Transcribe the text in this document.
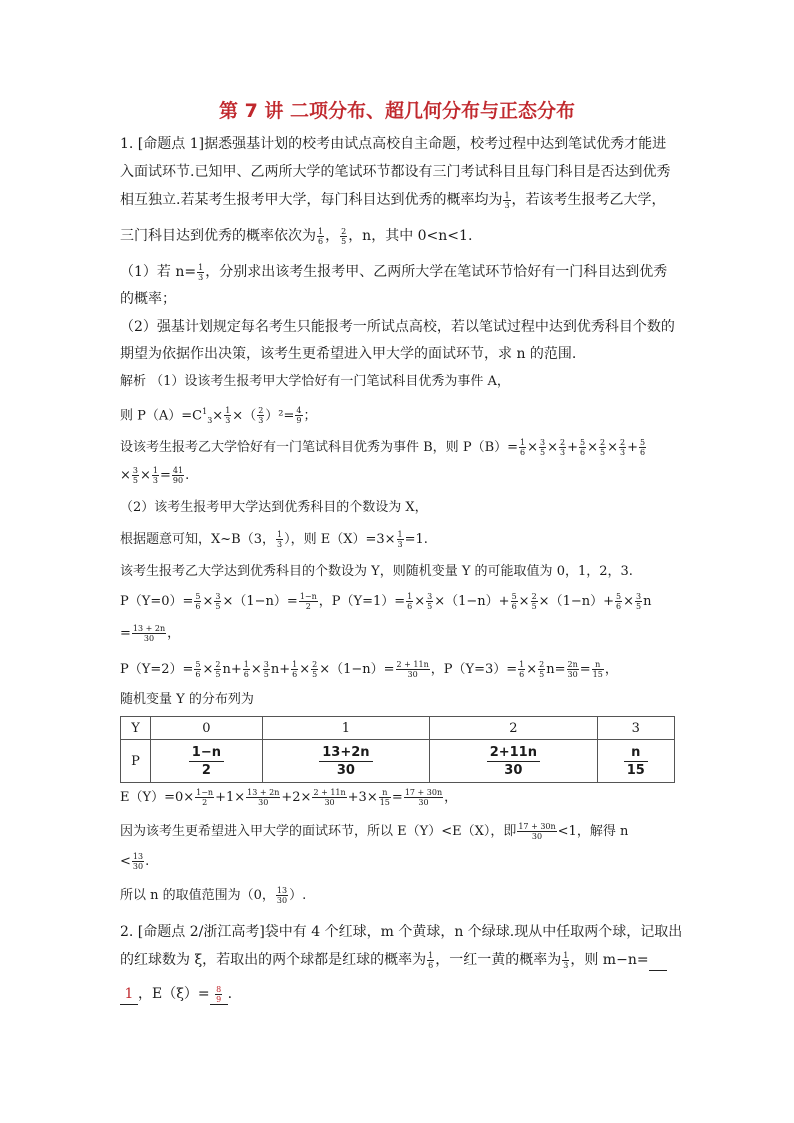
第 7 讲 二项分布、超几何分布与正态分布
1. [命题点 1]据悉强基计划的校考由试点高校自主命题，校考过程中达到笔试优秀才能进
入面试环节.已知甲、乙两所大学的笔试环节都设有三门考试科目且每门科目是否达到优秀
相互独立.若某考生报考甲大学，每门科目达到优秀的概率均为 $\frac{1}{3}$ ，若该考生报考乙大学，
三门科目达到优秀的概率依次为 $\frac{1}{6}$ ， $\frac{2}{5}$ ，n，其中 0<n<1.
（1）若 $n= \frac{1}{3}$ ，分别求出该考生报考甲、乙两所大学在笔试环节恰好有一门科目达到优秀
的概率；
（2）强基计划规定每名考生只能报考一所试点高校，若以笔试过程中达到优秀科目个数的
期望为依据作出决策，该考生更希望进入甲大学的面试环节，求 n 的范围.
解析 （1）设该考生报考甲大学恰好有一门笔试科目优秀为事件 A，
则 $P(A)=C^1_3\times \frac{1}{3}$ ×（ $\frac{2}{3} )^2= \frac{4}{9}$ ；
设该考生报考乙大学恰好有一门笔试科目优秀为事件 B，则 $P(B)= \frac{1}{6} \times \frac{3}{5} \times \frac{2}{3} + \frac{5}{6} \times \frac{2}{5} \times \frac{2}{3} + \frac{5}{6}$
× $\frac{3}{5} \times \frac{1}{3} = \frac{41}{90}$ .
（2）该考生报考甲大学达到优秀科目的个数设为 X，
根据题意可知，X~B（3， $\frac{1}{3}$ ），则 $E(X)=3\times \frac{1}{3} =1$.
该考生报考乙大学达到优秀科目的个数设为 Y，则随机变量 Y 的可能取值为 0，1，2，3.
$P(Y=0)= \frac{5}{6} \times \frac{3}{5} \times(1-n)= \frac{1-n}{2}$ ，$P(Y=1)= \frac{1}{6} \times \frac{3}{5} \times(1-n)+ \frac{5}{6} \times \frac{2}{5} \times(1-n)+ \frac{5}{6} \times \frac{3}{5}$ n
= $\frac{13 + 2n}{30}$ ，
$P(Y=2)= \frac{5}{6} \times \frac{2}{5} n+ \frac{1}{6} \times \frac{3}{5} n+ \frac{1}{6} \times \frac{2}{5} \times(1-n)= \frac{2 + 11n}{30}$ ，$P(Y=3)= \frac{1}{6} \times \frac{2}{5} n= \frac{2n}{30} = \frac{n}{15}$ ，
随机变量 Y 的分布列为
Y	0	1	2	3
P	$\frac{1-n}{2}$	$\frac{13+2n}{30}$	$\frac{2+11n}{30}$	$\frac{n}{15}$
$E(Y)=0\times \frac{1-n}{2} +1\times \frac{13 + 2n}{30} +2\times \frac{2 + 11n}{30} +3\times \frac{n}{15} = \frac{17 + 30n}{30}$ ，
因为该考生更希望进入甲大学的面试环节，所以 E（Y）<E（X），即 $\frac{17 + 30n}{30} <1$，解得 n
< $\frac{13}{30}$ .
所以 n 的取值范围为（0， $\frac{13}{30}$ ）.
2. [命题点 2/浙江高考]袋中有 4 个红球，m 个黄球，n 个绿球.现从中任取两个球，记取出
的红球数为 ξ，若取出的两个球都是红球的概率为 $\frac{1}{6}$ ，一红一黄的概率为 $\frac{1}{3}$ ，则 m−n=
1 ，$E(\xi)= \frac{8}{9}$ .
